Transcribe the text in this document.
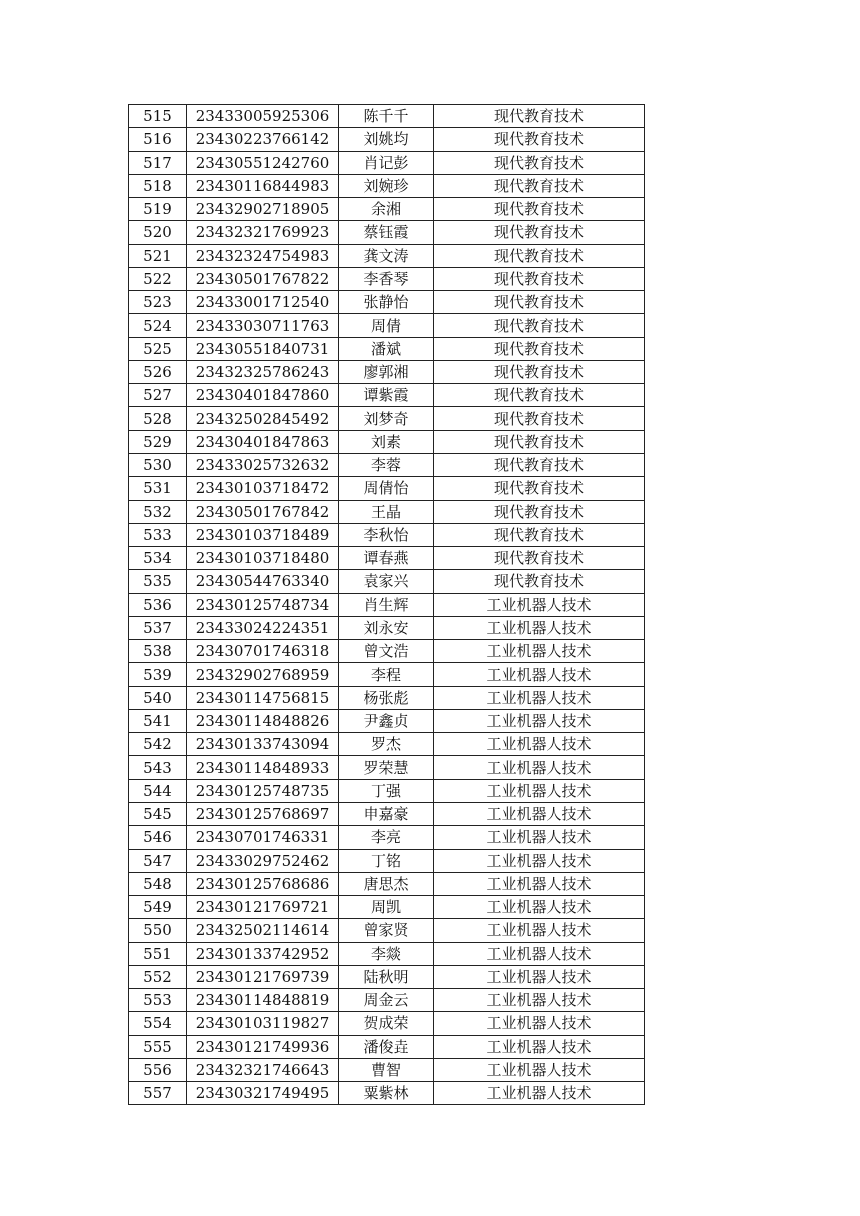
515	23433005925306	陈千千	现代教育技术
516	23430223766142	刘姚均	现代教育技术
517	23430551242760	肖记彭	现代教育技术
518	23430116844983	刘婉珍	现代教育技术
519	23432902718905	余湘	现代教育技术
520	23432321769923	蔡钰霞	现代教育技术
521	23432324754983	龚文涛	现代教育技术
522	23430501767822	李香琴	现代教育技术
523	23433001712540	张静怡	现代教育技术
524	23433030711763	周倩	现代教育技术
525	23430551840731	潘斌	现代教育技术
526	23432325786243	廖郭湘	现代教育技术
527	23430401847860	谭紫霞	现代教育技术
528	23432502845492	刘梦奇	现代教育技术
529	23430401847863	刘素	现代教育技术
530	23433025732632	李蓉	现代教育技术
531	23430103718472	周倩怡	现代教育技术
532	23430501767842	王晶	现代教育技术
533	23430103718489	李秋怡	现代教育技术
534	23430103718480	谭春燕	现代教育技术
535	23430544763340	袁家兴	现代教育技术
536	23430125748734	肖生辉	工业机器人技术
537	23433024224351	刘永安	工业机器人技术
538	23430701746318	曾文浩	工业机器人技术
539	23432902768959	李程	工业机器人技术
540	23430114756815	杨张彪	工业机器人技术
541	23430114848826	尹鑫贞	工业机器人技术
542	23430133743094	罗杰	工业机器人技术
543	23430114848933	罗荣慧	工业机器人技术
544	23430125748735	丁强	工业机器人技术
545	23430125768697	申嘉豪	工业机器人技术
546	23430701746331	李亮	工业机器人技术
547	23433029752462	丁铭	工业机器人技术
548	23430125768686	唐思杰	工业机器人技术
549	23430121769721	周凯	工业机器人技术
550	23432502114614	曾家贤	工业机器人技术
551	23430133742952	李燚	工业机器人技术
552	23430121769739	陆秋明	工业机器人技术
553	23430114848819	周金云	工业机器人技术
554	23430103119827	贺成荣	工业机器人技术
555	23430121749936	潘俊垚	工业机器人技术
556	23432321746643	曹智	工业机器人技术
557	23430321749495	粟紫林	工业机器人技术
